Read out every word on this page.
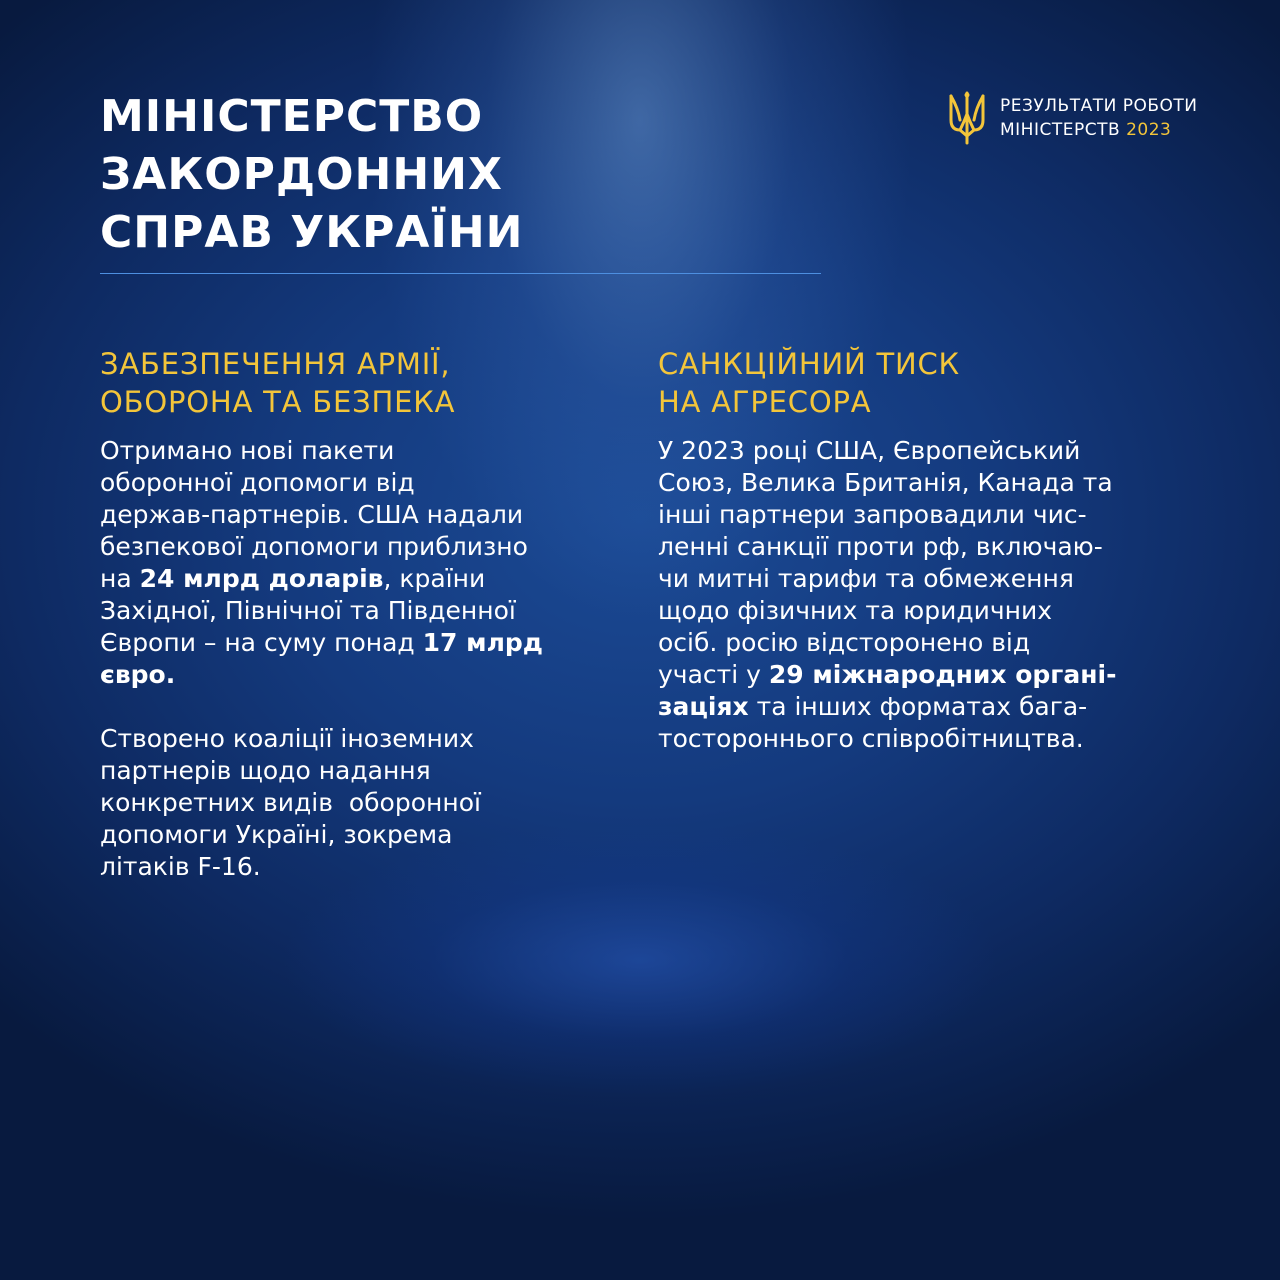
МІНІСТЕРСТВО
ЗАКОРДОННИХ
СПРАВ УКРАЇНИ
РЕЗУЛЬТАТИ РОБОТИ
МІНІСТЕРСТВ 2023
ЗАБЕЗПЕЧЕННЯ АРМІЇ,
ОБОРОНА ТА БЕЗПЕКА
Отримано нові пакети
оборонної допомоги від
держав-партнерів. США надали
безпекової допомоги приблизно
на 24 млрд доларів, країни
Західної, Північної та Південної
Європи – на суму понад 17 млрд
євро.
Створено коаліції іноземних
партнерів щодо надання
конкретних видів  оборонної
допомоги Україні, зокрема
літаків F-16.
САНКЦІЙНИЙ ТИСК
НА АГРЕСОРА
У 2023 році США, Європейський
Союз, Велика Британія, Канада та
інші партнери запровадили чис-
ленні санкції проти рф, включаю-
чи митні тарифи та обмеження
щодо фізичних та юридичних
осіб. росію відсторонено від
участі у 29 міжнародних органі-
заціях та інших форматах бага-
тостороннього співробітництва.
